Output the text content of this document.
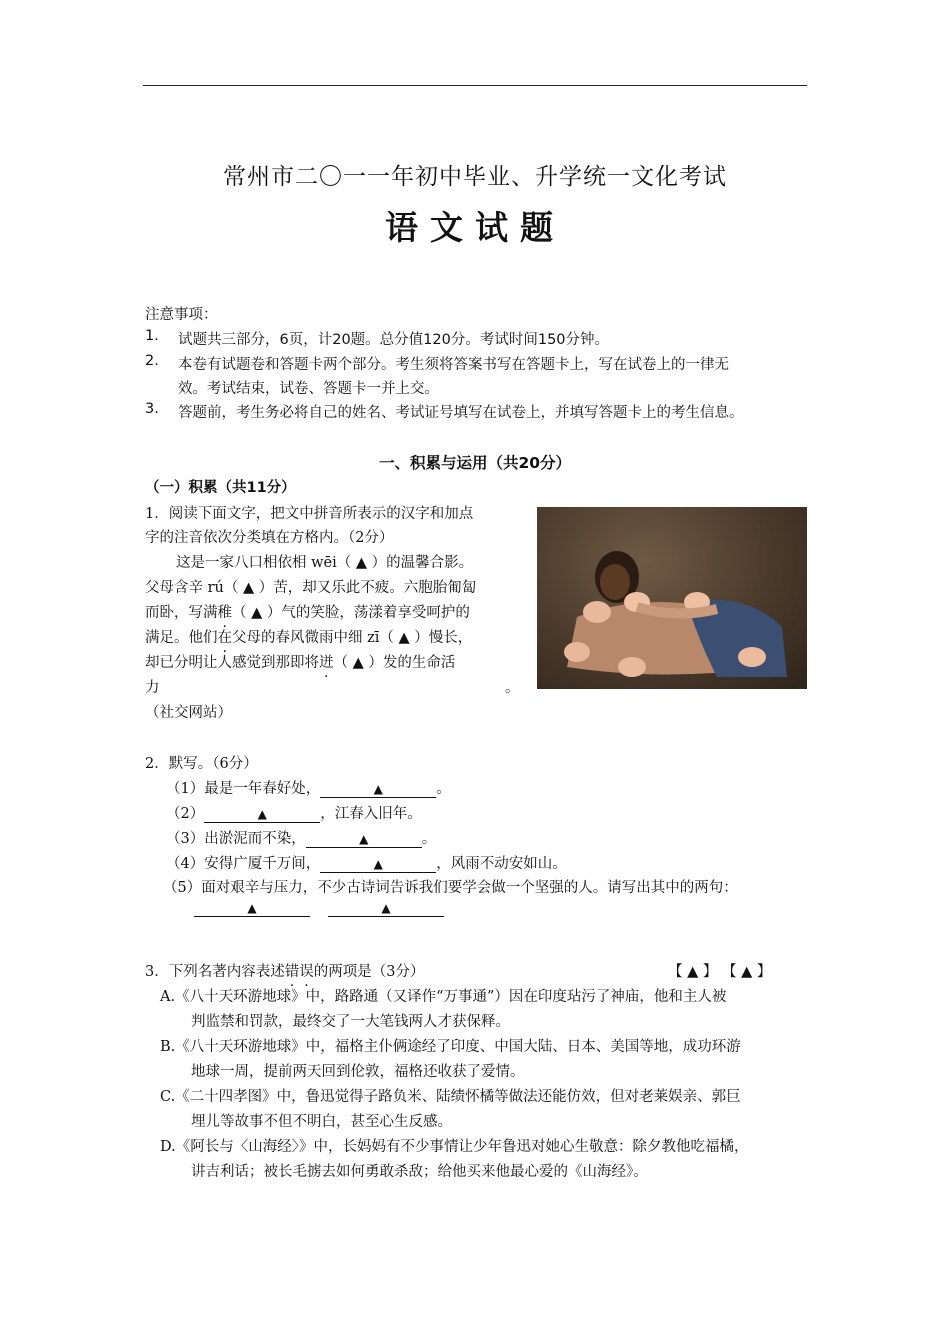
常州市二〇一一年初中毕业、升学统一文化考试
语文试题
注意事项：
1. 试题共三部分，6页，计20题。总分值120分。考试时间150分钟。
2. 本卷有试题卷和答题卡两个部分。考生须将答案书写在答题卡上，写在试卷上的一律无
效。考试结束，试卷、答题卡一并上交。
3. 答题前，考生务必将自己的姓名、考试证号填写在试卷上，并填写答题卡上的考生信息。
一、积累与运用（共20分）
（一）积累（共11分）
1．阅读下面文字，把文中拼音所表示的汉字和加点
字的注音依次分类填在方格内。（2分）
这是一家八口相依相 wēi（ ▲ ）的温馨合影。
父母含辛 rú（ ▲ ）苦，却又乐此不疲。六胞胎匍匐
而卧，写满稚（ ▲ ）气的笑脸，荡漾着享受呵护的
满足。他们在父母的春风微雨中细 zī（ ▲ ）慢长，
却已分明让人感觉到那即将迸（ ▲ ）发的生命活
力	。
（社交网站）
2．默写。（6分）
（1）最是一年春好处，	▲	。
（2）	▲	，江春入旧年。
（3）出淤泥而不染，	▲	。
（4）安得广厦千万间，	▲	，风雨不动安如山。
（5）面对艰辛与压力，不少古诗词告诉我们要学会做一个坚强的人。请写出其中的两句：
▲	▲
3．下列名著内容表述错误的两项是（3分）	【 ▲ 】 【 ▲ 】
A.《八十天环游地球》中，路路通（又译作“万事通”）因在印度玷污了神庙，他和主人被
判监禁和罚款，最终交了一大笔钱两人才获保释。
B.《八十天环游地球》中，福格主仆俩途经了印度、中国大陆、日本、美国等地，成功环游
地球一周，提前两天回到伦敦，福格还收获了爱情。
C.《二十四孝图》中，鲁迅觉得子路负米、陆绩怀橘等做法还能仿效，但对老莱娱亲、郭巨
埋儿等故事不但不明白，甚至心生反感。
D.《阿长与〈山海经〉》中，长妈妈有不少事情让少年鲁迅对她心生敬意：除夕教他吃福橘，
讲吉利话；被长毛掳去如何勇敢杀敌；给他买来他最心爱的《山海经》。
